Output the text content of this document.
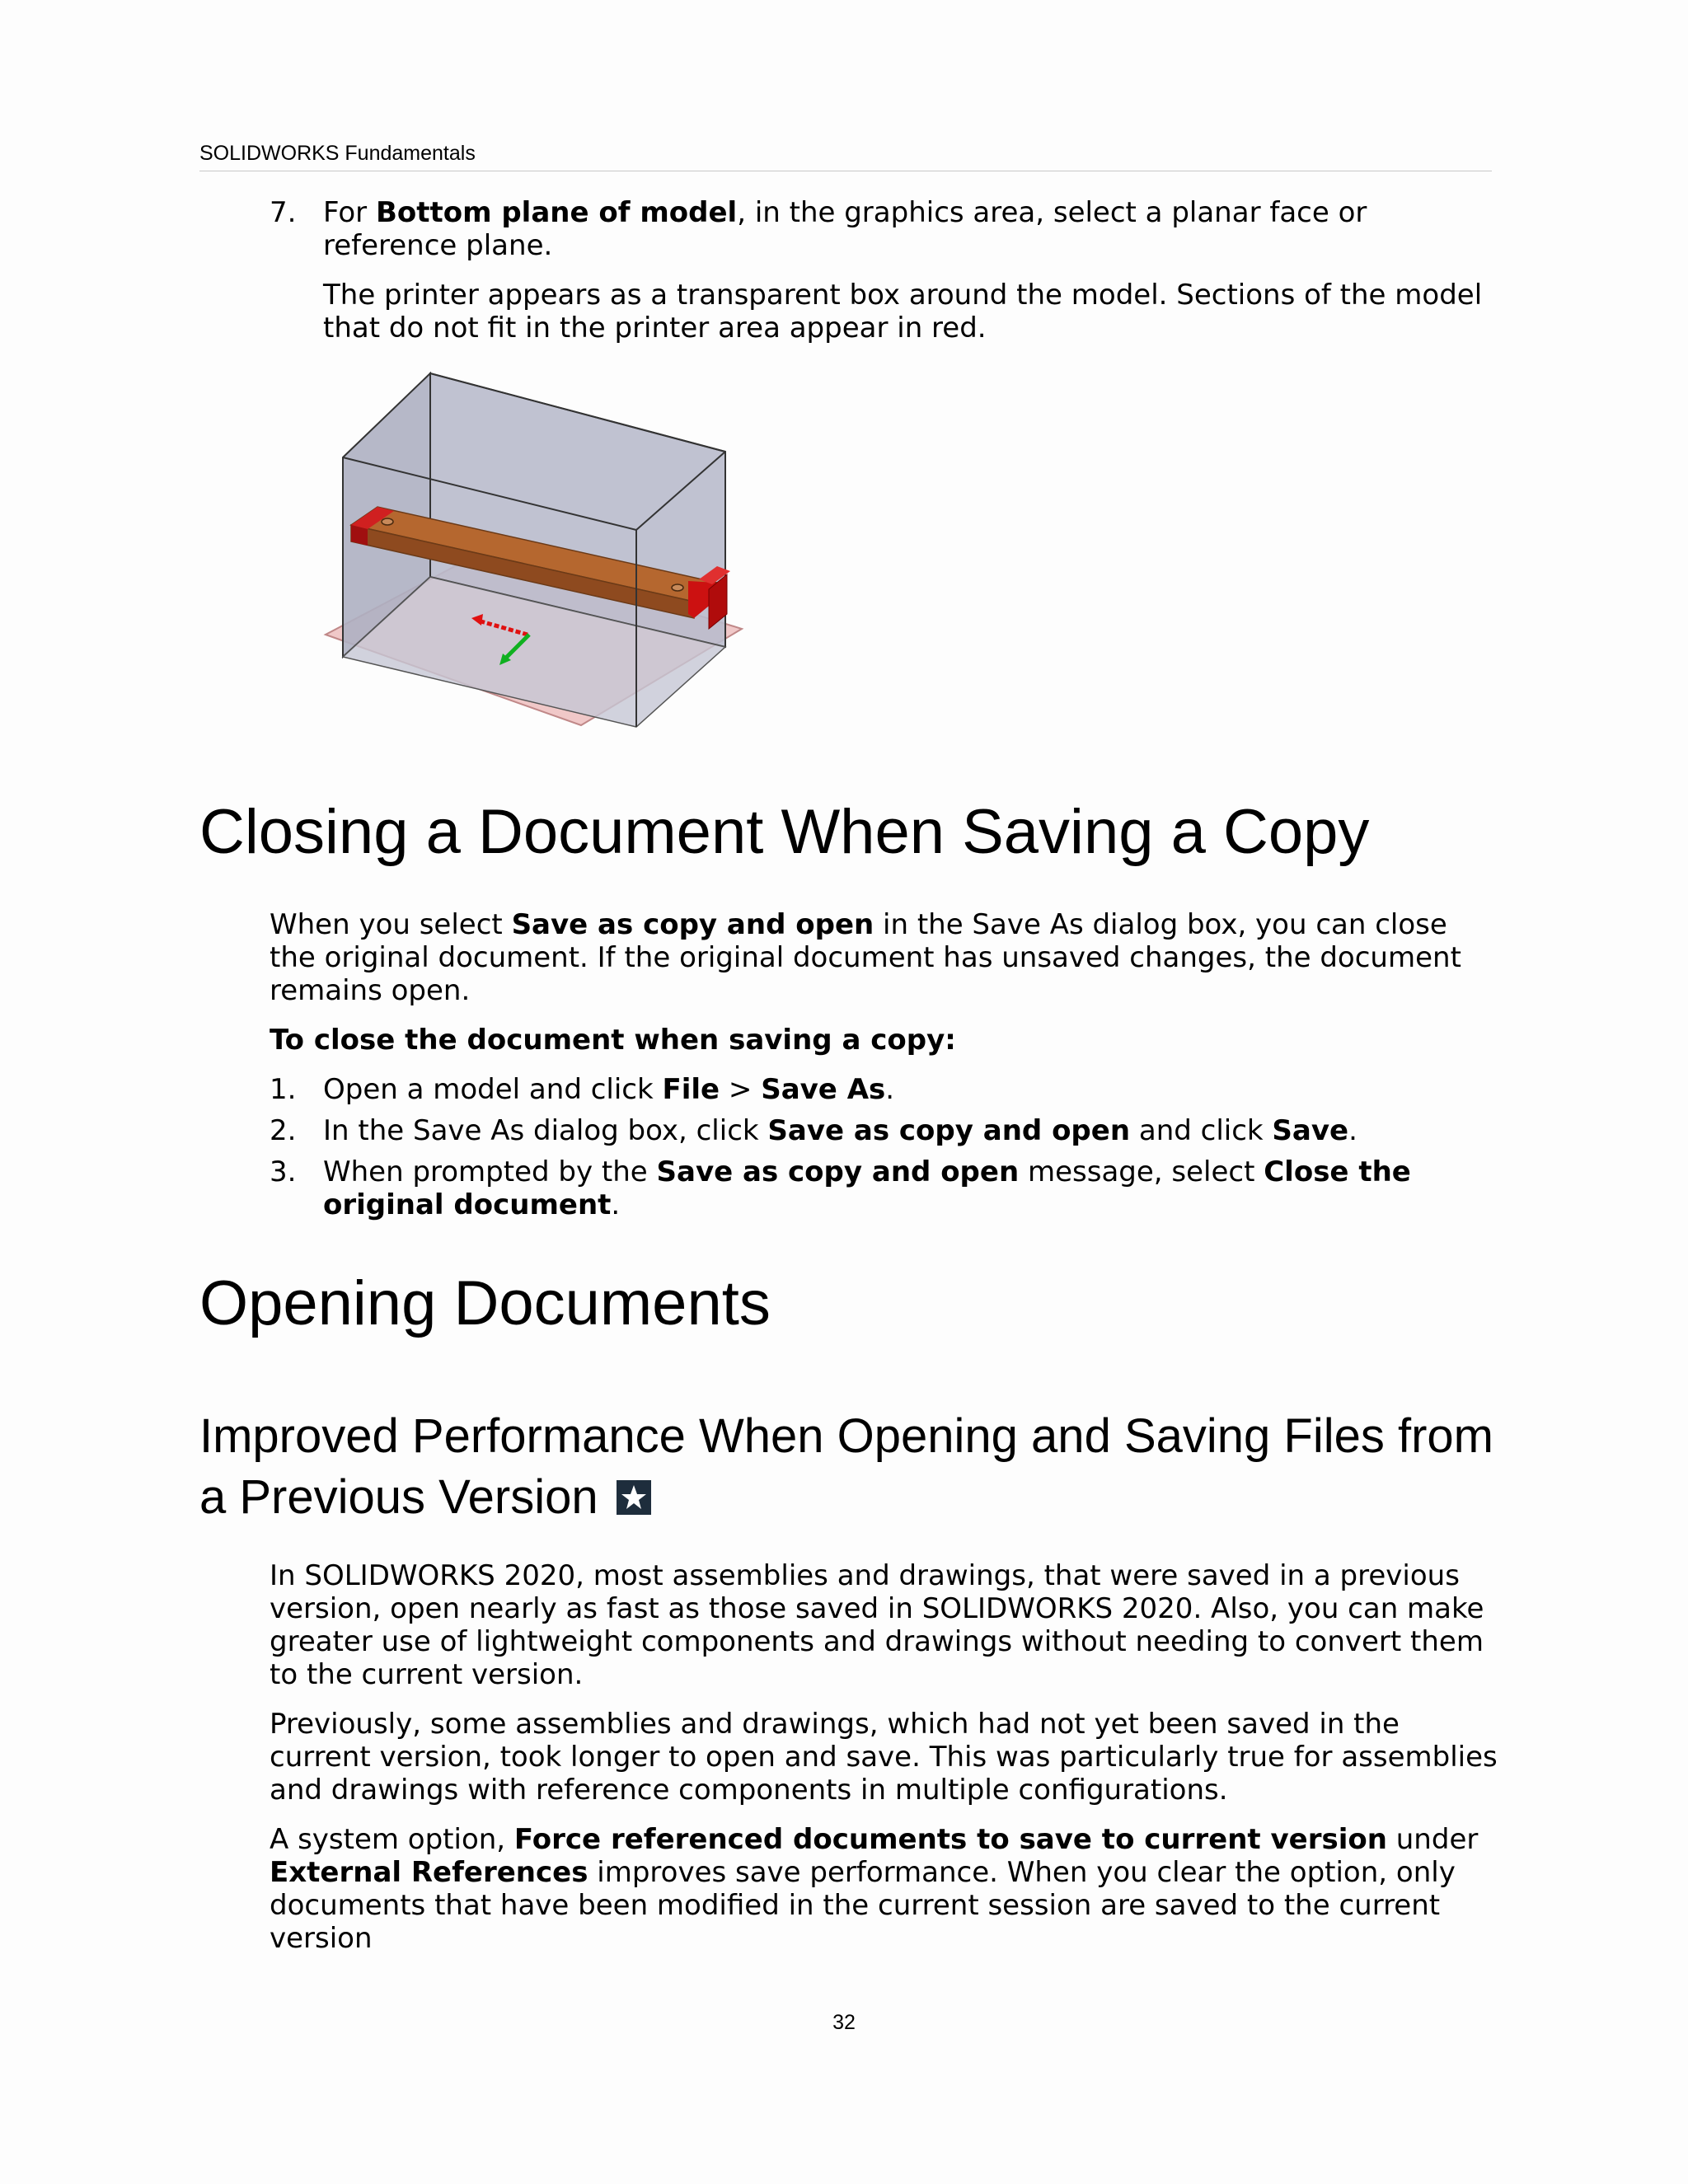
SOLIDWORKS Fundamentals
7. For Bottom plane of model, in the graphics area, select a planar face or reference plane.

The printer appears as a transparent box around the model. Sections of the model that do not fit in the printer area appear in red.

Closing a Document When Saving a Copy

When you select Save as copy and open in the Save As dialog box, you can close the original document. If the original document has unsaved changes, the document remains open.

To close the document when saving a copy:

1. Open a model and click File > Save As.
2. In the Save As dialog box, click Save as copy and open and click Save.
3. When prompted by the Save as copy and open message, select Close the original document.
Opening Documents
Improved Performance When Opening and Saving Files from a Previous Version
In SOLIDWORKS 2020, most assemblies and drawings, that were saved in a previous version, open nearly as fast as those saved in SOLIDWORKS 2020. Also, you can make greater use of lightweight components and drawings without needing to convert them to the current version.
Previously, some assemblies and drawings, which had not yet been saved in the current version, took longer to open and save. This was particularly true for assemblies and drawings with reference components in multiple configurations.

A system option, Force referenced documents to save to current version under External References improves save performance. When you clear the option, only documents that have been modified in the current session are saved to the current version

32
